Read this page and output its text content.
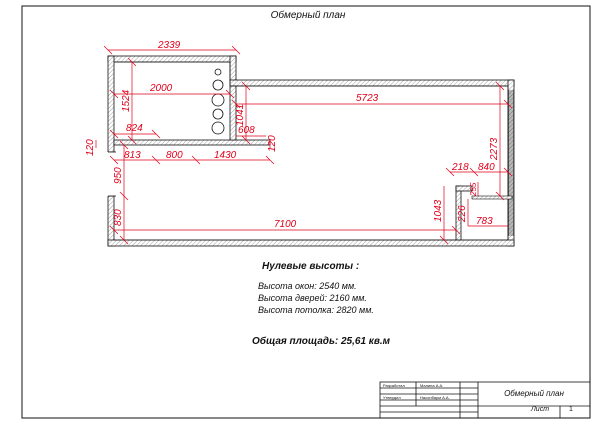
2339
2000
5723
1524
824
1041
608
120	120
813	800	1430
950
830	7100
2273
218 840
255
1043 226 783
Обмерный план
Нулевые высоты :
Высота окон: 2540 мм.
Высота дверей: 2160 мм.
Высота потолка: 2820 мм.
Общая площадь: 25,61 кв.м
Разработал	Малина А.А.
Утвердил	Насонбарм А.А.	Обмерный план
Лист	1
